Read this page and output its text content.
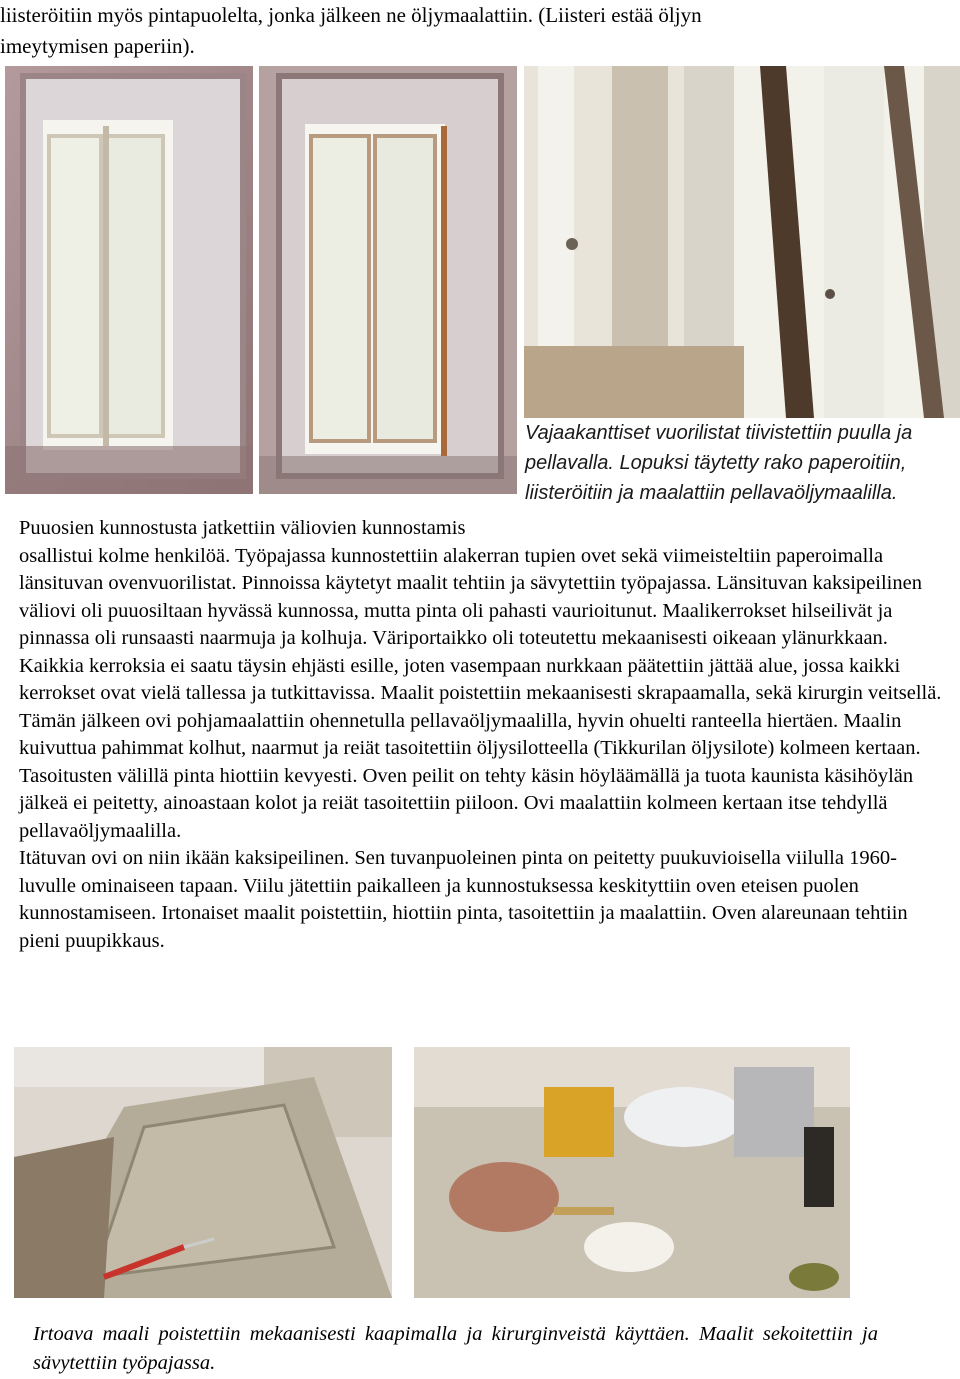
liisteröitiin myös pintapuolelta, jonka jälkeen ne öljymaalattiin. (Liisteri estää öljyn
imeytymisen paperiin).
Vajaakanttiset vuorilistat tiivistettiin puulla ja
pellavalla. Lopuksi täytetty rako paperoitiin,
liisteröitiin ja maalattiin pellavaöljymaalilla.

Puuosien kunnostusta jatkettiin väliovien kunnostamis

osallistui kolme henkilöä. Työpajassa kunnostettiin alakerran tupien ovet sekä viimeisteltiin paperoimalla länsituvan ovenvuorilistat. Pinnoissa käytetyt maalit tehtiin ja sävytettiin työpajassa. Länsituvan kaksipeilinen väliovi oli puuosiltaan hyvässä kunnossa, mutta pinta oli pahasti vaurioitunut. Maalikerrokset hilseilivät ja pinnassa oli runsaasti naarmuja ja kolhuja. Väriportaikko oli toteutettu mekaanisesti oikeaan ylänurkkaan. Kaikkia kerroksia ei saatu täysin ehjästi esille, joten vasempaan nurkkaan päätettiin jättää alue, jossa kaikki kerrokset ovat vielä tallessa ja tutkittavissa. Maalit poistettiin mekaanisesti skrapaamalla, sekä kirurgin veitsellä. Tämän jälkeen ovi pohjamaalattiin ohennetulla pellavaöljymaalilla, hyvin ohuelti ranteella hiertäen. Maalin kuivuttua pahimmat kolhut, naarmut ja reiät tasoitettiin öljysilotteella (Tikkurilan öljysilote) kolmeen kertaan. Tasoitusten välillä pinta hiottiin kevyesti. Oven peilit on tehty käsin höyläämällä ja tuota kaunista käsihöylän jälkeä ei peitetty, ainoastaan kolot ja reiät tasoitettiin piiloon. Ovi maalattiin kolmeen kertaan itse tehdyllä pellavaöljymaalilla.

Itätuvan ovi on niin ikään kaksipeilinen. Sen tuvanpuoleinen pinta on peitetty puukuvioisella viilulla 1960-luvulle ominaiseen tapaan. Viilu jätettiin paikalleen ja kunnostuksessa keskityttiin oven eteisen puolen kunnostamiseen. Irtonaiset maalit poistettiin, hiottiin pinta, tasoitettiin ja maalattiin. Oven alareunaan tehtiin pieni puupikkaus.

Irtoava maali poistettiin mekaanisesti kaapimalla ja kirurginveistä käyttäen. Maalit sekoitettiin ja sävytettiin työpajassa.
